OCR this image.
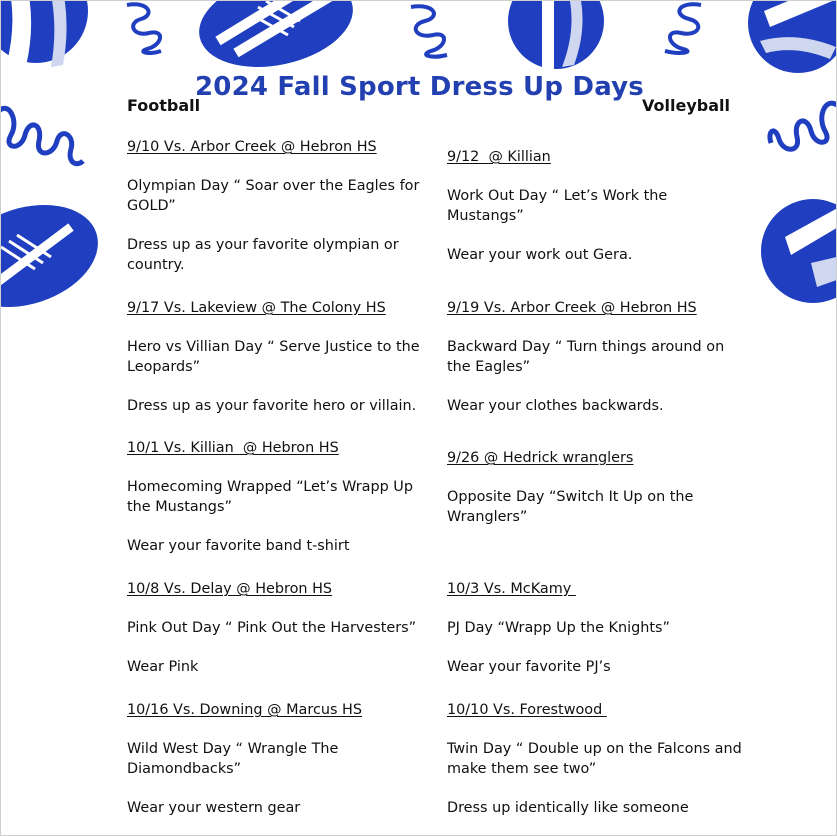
2024 Fall Sport Dress Up Days
Football	Volleyball
9/10 Vs. Arbor Creek @ Hebron HS
Olympian Day “ Soar over the Eagles for GOLD”
Dress up as your favorite olympian or country.
9/17 Vs. Lakeview @ The Colony HS
Hero vs Villian Day “ Serve Justice to the Leopards”
Dress up as your favorite hero or villain.
10/1 Vs. Killian  @ Hebron HS
Homecoming Wrapped “Let’s Wrapp Up the Mustangs”
Wear your favorite band t-shirt
10/8 Vs. Delay @ Hebron HS
Pink Out Day “ Pink Out the Harvesters”
Wear Pink
10/16 Vs. Downing @ Marcus HS
Wild West Day “ Wrangle The Diamondbacks”
Wear your western gear
9/12  @ Killian
Work Out Day “ Let’s Work the Mustangs”
Wear your work out Gera.
9/19 Vs. Arbor Creek @ Hebron HS
Backward Day “ Turn things around on the Eagles”
Wear your clothes backwards.
9/26 @ Hedrick wranglers
Opposite Day “Switch It Up on the Wranglers”
10/3 Vs. McKamy
PJ Day “Wrapp Up the Knights”
Wear your favorite PJ’s
10/10 Vs. Forestwood
Twin Day “ Double up on the Falcons and make them see two”
Dress up identically like someone
